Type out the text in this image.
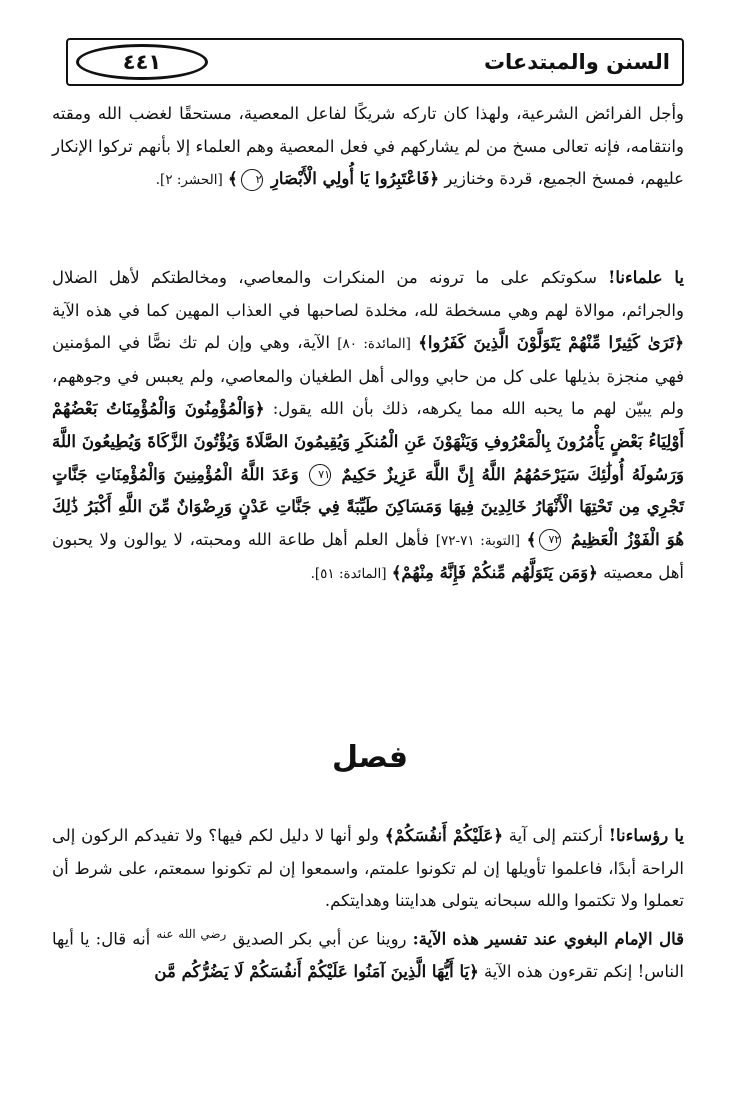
٤٤١	السنن والمبتدعات
وأجل الفرائض الشرعية، ولهذا كان تاركه شريكًا لفاعل المعصية، مستحقًا لغضب الله ومقته وانتقامه، فإنه تعالى مسخ من لم يشاركهم في فعل المعصية وهم العلماء إلا بأنهم تركوا الإنكار عليهم، فمسخ الجميع، قردة وخنازير ﴿فَاعْتَبِرُوا يَا أُولِي الْأَبْصَارِ ٢﴾ [الحشر: ٢].
يا علماءنا! سكوتكم على ما ترونه من المنكرات والمعاصي، ومخالطتكم لأهل الضلال والجرائم، موالاة لهم وهي مسخطة لله، مخلدة لصاحبها في العذاب المهين كما في هذه الآية ﴿تَرَىٰ كَثِيرًا مِّنْهُمْ يَتَوَلَّوْنَ الَّذِينَ كَفَرُوا﴾ [المائدة: ٨٠] الآية، وهي وإن لم تك نصًّا في المؤمنين فهي منجزة بذيلها على كل من حابي ووالى أهل الطغيان والمعاصي، ولم يعبس في وجوههم، ولم يبيّن لهم ما يحبه الله مما يكرهه، ذلك بأن الله يقول: ﴿وَالْمُؤْمِنُونَ وَالْمُؤْمِنَاتُ بَعْضُهُمْ أَوْلِيَاءُ بَعْضٍ يَأْمُرُونَ بِالْمَعْرُوفِ وَيَنْهَوْنَ عَنِ الْمُنكَرِ وَيُقِيمُونَ الصَّلَاةَ وَيُؤْتُونَ الزَّكَاةَ وَيُطِيعُونَ اللَّهَ وَرَسُولَهُ أُولَٰئِكَ سَيَرْحَمُهُمُ اللَّهُ إِنَّ اللَّهَ عَزِيزٌ حَكِيمٌ ٧١ وَعَدَ اللَّهُ الْمُؤْمِنِينَ وَالْمُؤْمِنَاتِ جَنَّاتٍ تَجْرِي مِن تَحْتِهَا الْأَنْهَارُ خَالِدِينَ فِيهَا وَمَسَاكِنَ طَيِّبَةً فِي جَنَّاتِ عَدْنٍ وَرِضْوَانٌ مِّنَ اللَّهِ أَكْبَرُ ذَٰلِكَ هُوَ الْفَوْزُ الْعَظِيمُ ٧٢﴾ [التوبة: ٧١-٧٢] فأهل العلم أهل طاعة الله ومحبته، لا يوالون ولا يحبون أهل معصيته ﴿وَمَن يَتَوَلَّهُم مِّنكُمْ فَإِنَّهُ مِنْهُمْ﴾ [المائدة: ٥١].
فصل
يا رؤساءنا! أركنتم إلى آية ﴿عَلَيْكُمْ أَنفُسَكُمْ﴾ ولو أنها لا دليل لكم فيها؟ ولا تفيدكم الركون إلى الراحة أبدًا، فاعلموا تأويلها إن لم تكونوا علمتم، واسمعوا إن لم تكونوا سمعتم، على شرط أن تعملوا ولا تكتموا والله سبحانه يتولى هدايتنا وهدايتكم.
قال الإمام البغوي عند تفسير هذه الآية: روينا عن أبي بكر الصديق $^{رضي الله عنه}$ أنه قال: يا أيها الناس! إنكم تقرءون هذه الآية ﴿يَا أَيُّهَا الَّذِينَ آمَنُوا عَلَيْكُمْ أَنفُسَكُمْ لَا يَضُرُّكُم مَّن
